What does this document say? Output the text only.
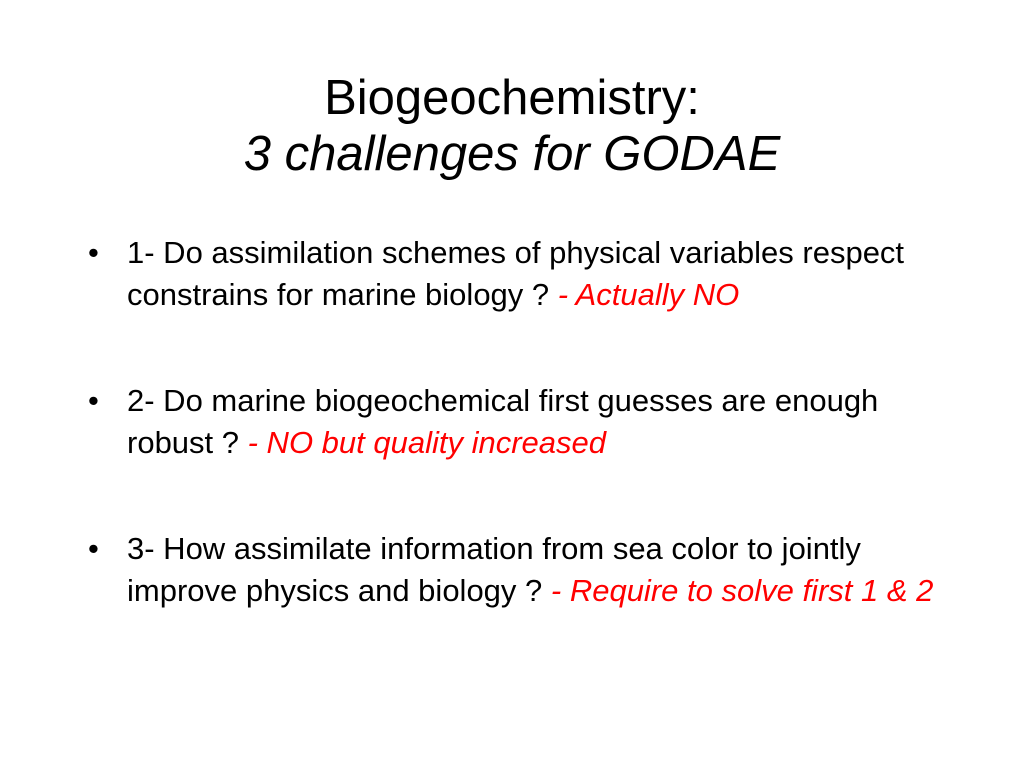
Biogeochemistry:
3 challenges for GODAE
• 1- Do assimilation schemes of physical variables respect constrains for marine biology ? - Actually NO
• 2- Do marine biogeochemical first guesses are enough robust ? - NO but quality increased
• 3- How assimilate information from sea color to jointly improve physics and biology ? - Require to solve first 1 & 2
